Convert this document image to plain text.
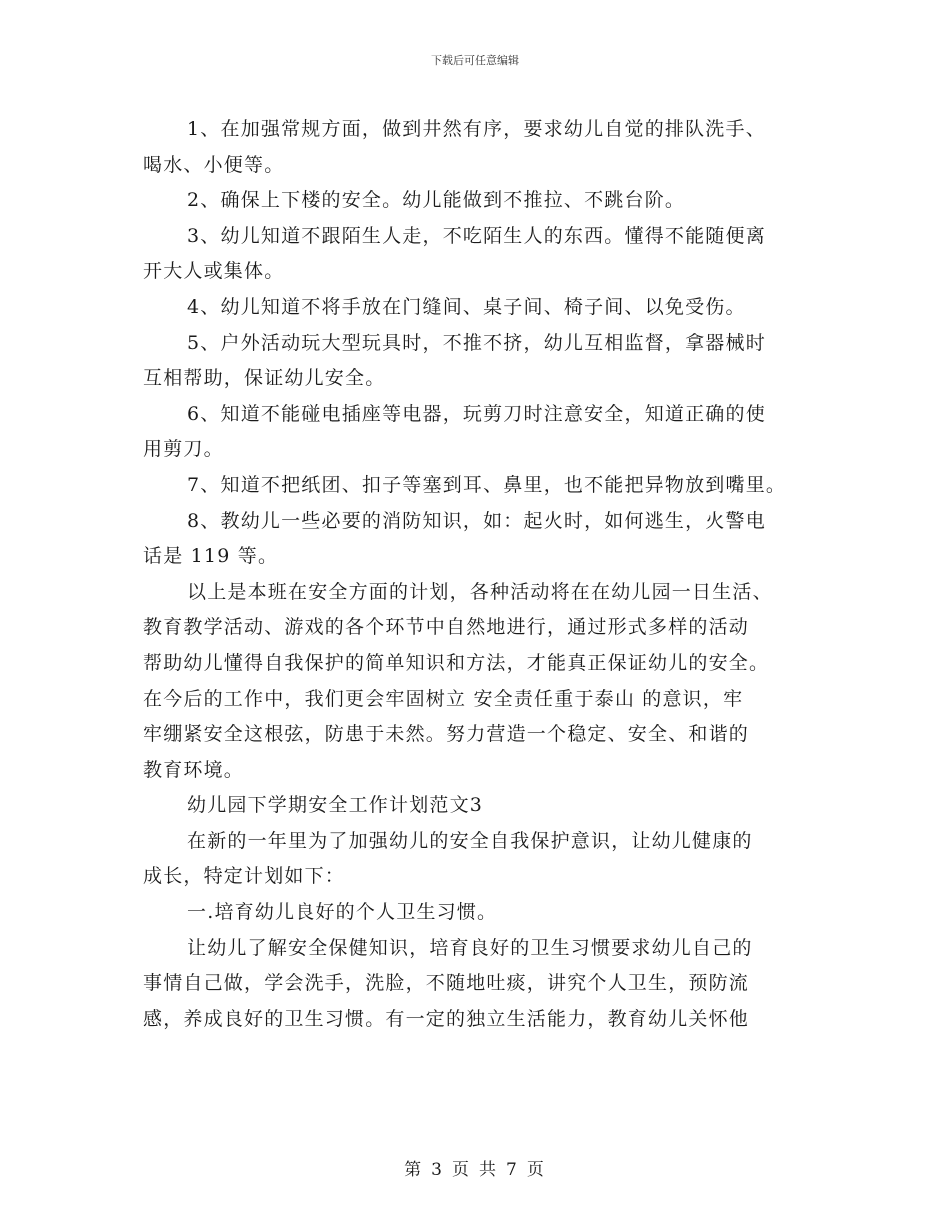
下载后可任意编辑

1、在加强常规方面，做到井然有序，要求幼儿自觉的排队洗手、
喝水、小便等。

2、确保上下楼的安全。幼儿能做到不推拉、不跳台阶。

3、幼儿知道不跟陌生人走，不吃陌生人的东西。懂得不能随便离
开大人或集体。

4、幼儿知道不将手放在门缝间、桌子间、椅子间、以免受伤。

5、户外活动玩大型玩具时，不推不挤，幼儿互相监督，拿器械时
互相帮助，保证幼儿安全。

6、知道不能碰电插座等电器，玩剪刀时注意安全，知道正确的使
用剪刀。

7、知道不把纸团、扣子等塞到耳、鼻里，也不能把异物放到嘴里。

8、教幼儿一些必要的消防知识，如：起火时，如何逃生，火警电
话是 119 等。

以上是本班在安全方面的计划，各种活动将在在幼儿园一日生活、
教育教学活动、游戏的各个环节中自然地进行，通过形式多样的活动
帮助幼儿懂得自我保护的简单知识和方法，才能真正保证幼儿的安全。
在今后的工作中，我们更会牢固树立 安全责任重于泰山 的意识，牢
牢绷紧安全这根弦，防患于未然。努力营造一个稳定、安全、和谐的
教育环境。

幼儿园下学期安全工作计划范文3

在新的一年里为了加强幼儿的安全自我保护意识，让幼儿健康的
成长，特定计划如下：

一.培育幼儿良好的个人卫生习惯。

让幼儿了解安全保健知识，培育良好的卫生习惯要求幼儿自己的
事情自己做，学会洗手，洗脸，不随地吐痰，讲究个人卫生，预防流
感，养成良好的卫生习惯。有一定的独立生活能力，教育幼儿关怀他

第 3 页 共 7 页
